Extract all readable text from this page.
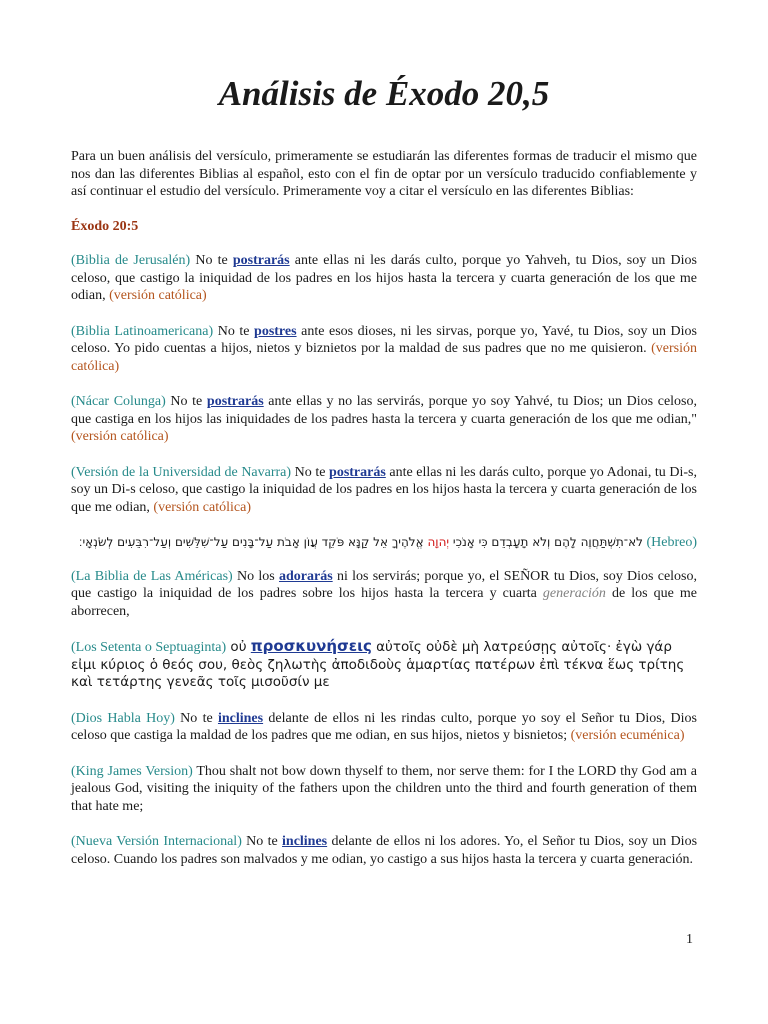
Análisis de Éxodo 20,5

Para un buen análisis del versículo, primeramente se estudiarán las diferentes formas de traducir el mismo que nos dan las diferentes Biblias al español, esto con el fin de optar por un versículo traducido confiablemente y así continuar el estudio del versículo. Primeramente voy a citar el versículo en las diferentes Biblias:

Éxodo 20:5

(Biblia de Jerusalén) No te postrarás ante ellas ni les darás culto, porque yo Yahveh, tu Dios, soy un Dios celoso, que castigo la iniquidad de los padres en los hijos hasta la tercera y cuarta generación de los que me odian, (versión católica)

(Biblia Latinoamericana) No te postres ante esos dioses, ni les sirvas, porque yo, Yavé, tu Dios, soy un Dios celoso. Yo pido cuentas a hijos, nietos y biznietos por la maldad de sus padres que no me quisieron. (versión católica)

(Nácar Colunga) No te postrarás ante ellas y no las servirás, porque yo soy Yahvé, tu Dios; un Dios celoso, que castiga en los hijos las iniquidades de los padres hasta la tercera y cuarta generación de los que me odian," (versión católica)

(Versión de la Universidad de Navarra) No te postrarás ante ellas ni les darás culto, porque yo Adonai, tu Di-s, soy un Di-s celoso, que castigo la iniquidad de los padres en los hijos hasta la tercera y cuarta generación de los que me odian, (versión católica)

לֹא־תִשְׁתַּחֲוֶה לָהֶם וְלֹא תָעָבְדֵם כִּי אָנֹכִי יְהוָה אֱלֹהֶיךָ אֵל קַנָּא פֹּקֵד עֲוֹן אָבֹת עַל־בָּנִים עַל־שִׁלֵּשִׁים וְעַל־רִבֵּעִים לְשֹׂנְאָי׃	(Hebreo)

(La Biblia de Las Américas) No los adorarás ni los servirás; porque yo, el SEÑOR tu Dios, soy Dios celoso, que castigo la iniquidad de los padres sobre los hijos hasta la tercera y cuarta generación de los que me aborrecen,

(Los Setenta o Septuaginta) οὐ προσκυνήσεις αὐτοῖς οὐδὲ μὴ λατρεύσῃς αὐτοῖς· ἐγὼ γάρ εἰμι κύριος ὁ θεός σου, θεὸς ζηλωτὴς ἀποδιδοὺς ἁμαρτίας πατέρων ἐπὶ τέκνα ἕως τρίτης καὶ τετάρτης γενεᾶς τοῖς μισοῦσίν με

(Dios Habla Hoy) No te inclines delante de ellos ni les rindas culto, porque yo soy el Señor tu Dios, Dios celoso que castiga la maldad de los padres que me odian, en sus hijos, nietos y bisnietos; (versión ecuménica)

(King James Version) Thou shalt not bow down thyself to them, nor serve them: for I the LORD thy God am a jealous God, visiting the iniquity of the fathers upon the children unto the third and fourth generation of them that hate me;

(Nueva Versión Internacional) No te inclines delante de ellos ni los adores. Yo, el Señor tu Dios, soy un Dios celoso. Cuando los padres son malvados y me odian, yo castigo a sus hijos hasta la tercera y cuarta generación.

1
